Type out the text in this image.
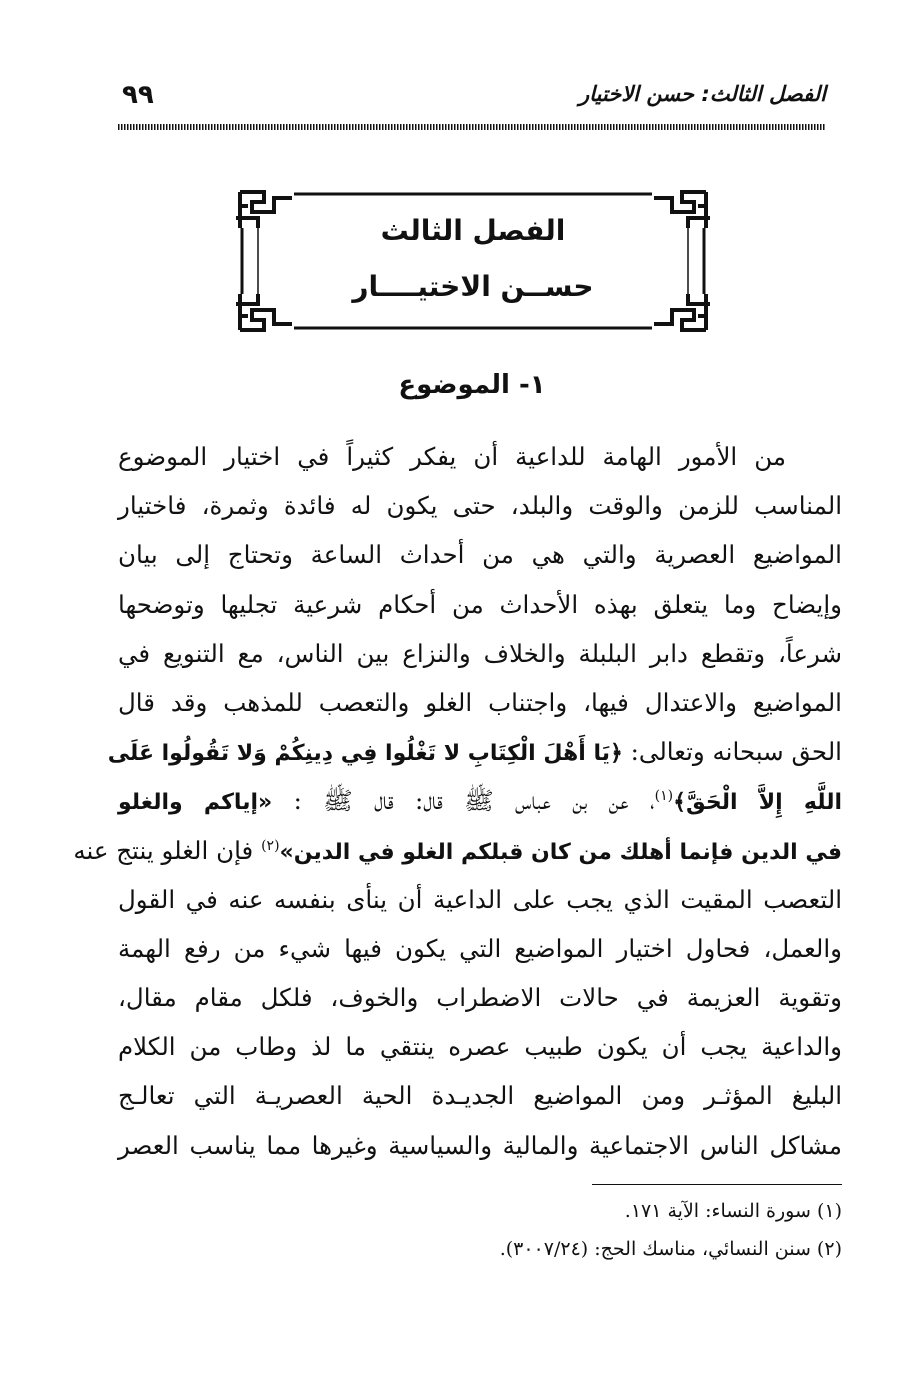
الفصل الثالث: حسن الاختيار
٩٩
الفصل الثالث
حســن الاختيــــار
١- الموضوع
من الأمور الهامة للداعية أن يفكر كثيراً في اختيار الموضوع
المناسب للزمن والوقت والبلد، حتى يكون له فائدة وثمرة، فاختيار
المواضيع العصرية والتي هي من أحداث الساعة وتحتاج إلى بيان
وإيضاح وما يتعلق بهذه الأحداث من أحكام شرعية تجليها وتوضحها
شرعاً، وتقطع دابر البلبلة والخلاف والنزاع بين الناس، مع التنويع في
المواضيع والاعتدال فيها، واجتناب الغلو والتعصب للمذهب وقد قال
الحق سبحانه وتعالى: ﴿يَا أَهْلَ الْكِتَابِ لا تَغْلُوا فِي دِينِكُمْ وَلا تَقُولُوا عَلَى
اللَّهِ إِلاَّ الْحَقَّ﴾$^{(١)}$، عن بن عباس ﷺ قال: قال ﷺ : «إياكم والغلو
في الدين فإنما أهلك من كان قبلكم الغلو في الدين»$^{(٢)}$ فإن الغلو ينتج عنه
التعصب المقيت الذي يجب على الداعية أن ينأى بنفسه عنه في القول
والعمل، فحاول اختيار المواضيع التي يكون فيها شيء من رفع الهمة
وتقوية العزيمة في حالات الاضطراب والخوف، فلكل مقام مقال،
والداعية يجب أن يكون طبيب عصره ينتقي ما لذ وطاب من الكلام
البليغ المؤثـر ومن المواضيع الجديـدة الحية العصريـة التي تعالـج
مشاكل الناس الاجتماعية والمالية والسياسية وغيرها مما يناسب العصر
(١) سورة النساء: الآية ١٧١.
(٢) سنن النسائي، مناسك الحج: (٣٠٠٧/٢٤).
